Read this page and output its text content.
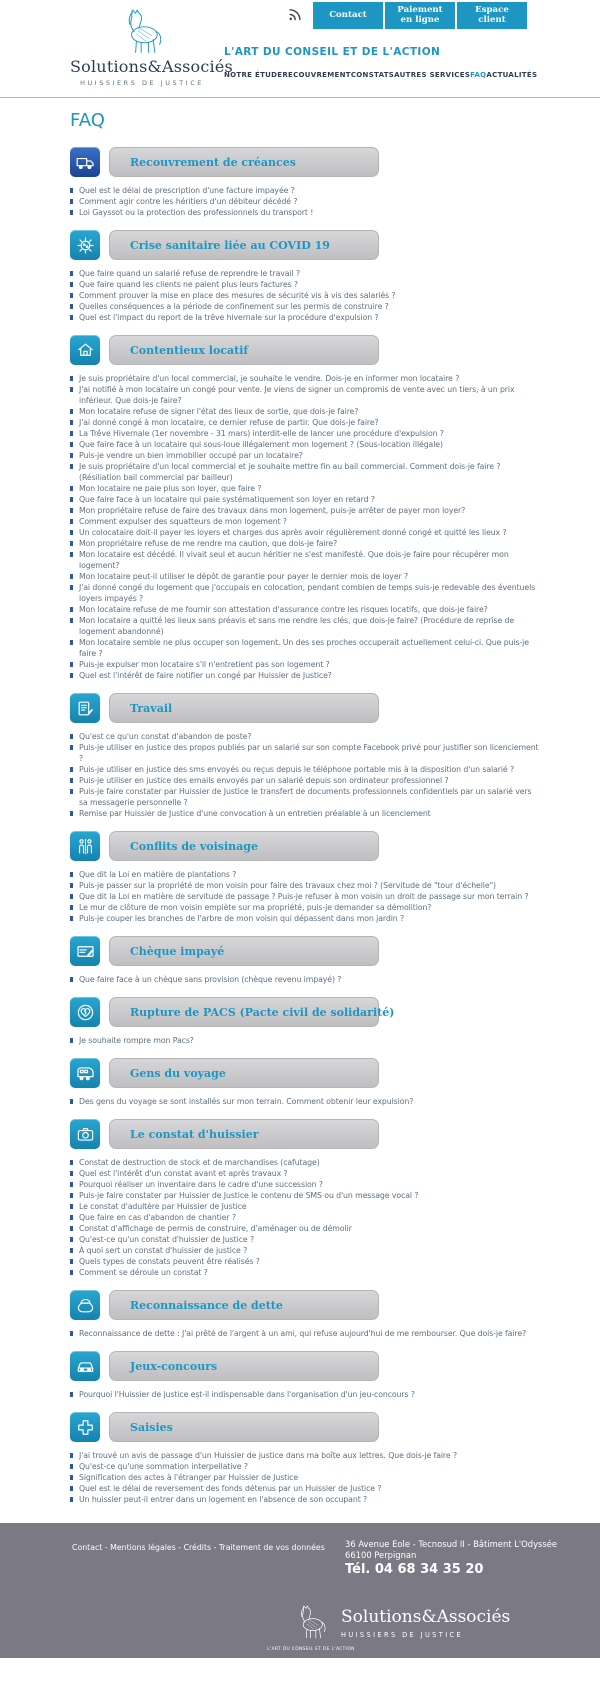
Solutions&Associés
HUISSIERS DE JUSTICE
Contact	Paiement
en ligne
Espace
client
L'ART DU CONSEIL ET DE L'ACTION
NOTRE ÉTUDE RECOUVREMENT CONSTATS AUTRES SERVICES FAQ ACTUALITÉS
FAQ
Recouvrement de créances
Quel est le délai de prescription d'une facture impayée ?
Comment agir contre les héritiers d'un débiteur décédé ?
Loi Gayssot ou la protection des professionnels du transport !
Crise sanitaire liée au COVID 19
Que faire quand un salarié refuse de reprendre le travail ?
Que faire quand les clients ne paient plus leurs factures ?
Comment prouver la mise en place des mesures de sécurité vis à vis des salariés ?
Quelles conséquences a la période de confinement sur les permis de construire ?
Quel est l'impact du report de la trêve hivernale sur la procédure d'expulsion ?
Contentieux locatif
Je suis propriétaire d'un local commercial, je souhaite le vendre. Dois-je en informer mon locataire ?
J'ai notifié à mon locataire un congé pour vente. Je viens de signer un compromis de vente avec un tiers, à un prix inférieur. Que dois-je faire?
Mon locataire refuse de signer l'état des lieux de sortie, que dois-je faire?
J'ai donné congé à mon locataire, ce dernier refuse de partir. Que dois-je faire?
La Trêve Hivernale (1er novembre - 31 mars) interdit-elle de lancer une procédure d'expulsion ?
Que faire face à un locataire qui sous-loue illégalement mon logement ? (Sous-location illégale)
Puis-je vendre un bien immobilier occupé par un locataire?
Je suis propriétaire d'un local commercial et je souhaite mettre fin au bail commercial. Comment dois-je faire ? (Résiliation bail commercial par bailleur)
Mon locataire ne paie plus son loyer, que faire ?
Que faire face à un locataire qui paie systématiquement son loyer en retard ?
Mon propriétaire refuse de faire des travaux dans mon logement, puis-je arrêter de payer mon loyer?
Comment expulser des squatteurs de mon logement ?
Un colocataire doit-il payer les loyers et charges dus après avoir régulièrement donné congé et quitté les lieux ?
Mon propriétaire refuse de me rendre ma caution, que dois-je faire?
Mon locataire est décédé. Il vivait seul et aucun héritier ne s'est manifesté. Que dois-je faire pour récupérer mon logement?
Mon locataire peut-il utiliser le dépôt de garantie pour payer le dernier mois de loyer ?
J'ai donné congé du logement que j'occupais en colocation, pendant combien de temps suis-je redevable des éventuels loyers impayés ?
Mon locataire refuse de me fournir son attestation d'assurance contre les risques locatifs, que dois-je faire?
Mon locataire a quitté les lieux sans préavis et sans me rendre les clés, que dois-je faire? (Procédure de reprise de logement abandonné)
Mon locataire semble ne plus occuper son logement. Un des ses proches occuperait actuellement celui-ci. Que puis-je faire ?
Puis-je expulser mon locataire s'il n'entretient pas son logement ?
Quel est l'intérêt de faire notifier un congé par Huissier de Justice?
Travail
Qu'est ce qu'un constat d'abandon de poste?
Puis-je utiliser en justice des propos publiés par un salarié sur son compte Facebook privé pour justifier son licenciement ?
Puis-je utiliser en justice des sms envoyés ou reçus depuis le téléphone portable mis à la disposition d'un salarié ?
Puis-je utiliser en justice des emails envoyés par un salarié depuis son ordinateur professionnel ?
Puis-je faire constater par Huissier de Justice le transfert de documents professionnels confidentiels par un salarié vers sa messagerie personnelle ?
Remise par Huissier de Justice d'une convocation à un entretien préalable à un licenciement
Conflits de voisinage
Que dit la Loi en matière de plantations ?
Puis-je passer sur la propriété de mon voisin pour faire des travaux chez moi ? (Servitude de "tour d'échelle")
Que dit la Loi en matière de servitude de passage ? Puis-je refuser à mon voisin un droit de passage sur mon terrain ?
Le mur de clôture de mon voisin empiète sur ma propriété, puis-je demander sa démolition?
Puis-je couper les branches de l'arbre de mon voisin qui dépassent dans mon jardin ?
Chèque impayé
Que faire face à un chèque sans provision (chèque revenu impayé) ?
Rupture de PACS (Pacte civil de solidarité)
Je souhaite rompre mon Pacs?
Gens du voyage
Des gens du voyage se sont installés sur mon terrain. Comment obtenir leur expulsion?
Le constat d'huissier
Constat de destruction de stock et de marchandises (cafutage)
Quel est l'intérêt d'un constat avant et après travaux ?
Pourquoi réaliser un inventaire dans le cadre d'une succession ?
Puis-je faire constater par Huissier de Justice le contenu de SMS ou d'un message vocal ?
Le constat d'adultère par Huissier de Justice
Que faire en cas d'abandon de chantier ?
Constat d'affichage de permis de construire, d'aménager ou de démolir
Qu'est-ce qu'un constat d'huissier de Justice ?
À quoi sert un constat d'huissier de justice ?
Quels types de constats peuvent être réalisés ?
Comment se déroule un constat ?
Reconnaissance de dette
Reconnaissance de dette : J'ai prêté de l'argent à un ami, qui refuse aujourd'hui de me rembourser. Que dois-je faire?
Jeux-concours
Pourquoi l'Huissier de justice est-il indispensable dans l'organisation d'un jeu-concours ?
Saisies
J'ai trouvé un avis de passage d'un Huissier de justice dans ma boîte aux lettres. Que dois-je faire ?
Qu'est-ce qu'une sommation interpellative ?
Signification des actes à l'étranger par Huissier de Justice
Quel est le délai de reversement des fonds détenus par un Huissier de Justice ?
Un huissier peut-il entrer dans un logement en l'absence de son occupant ?
Contact - Mentions légales - Crédits - Traitement de vos données 36 Avenue Eole - Tecnosud II - Bâtiment L'Odyssée
66100 Perpignan
Tél. 04 68 34 35 20
Solutions&Associés
HUISSIERS DE JUSTICE
L'ART DU CONSEIL ET DE L'ACTION
